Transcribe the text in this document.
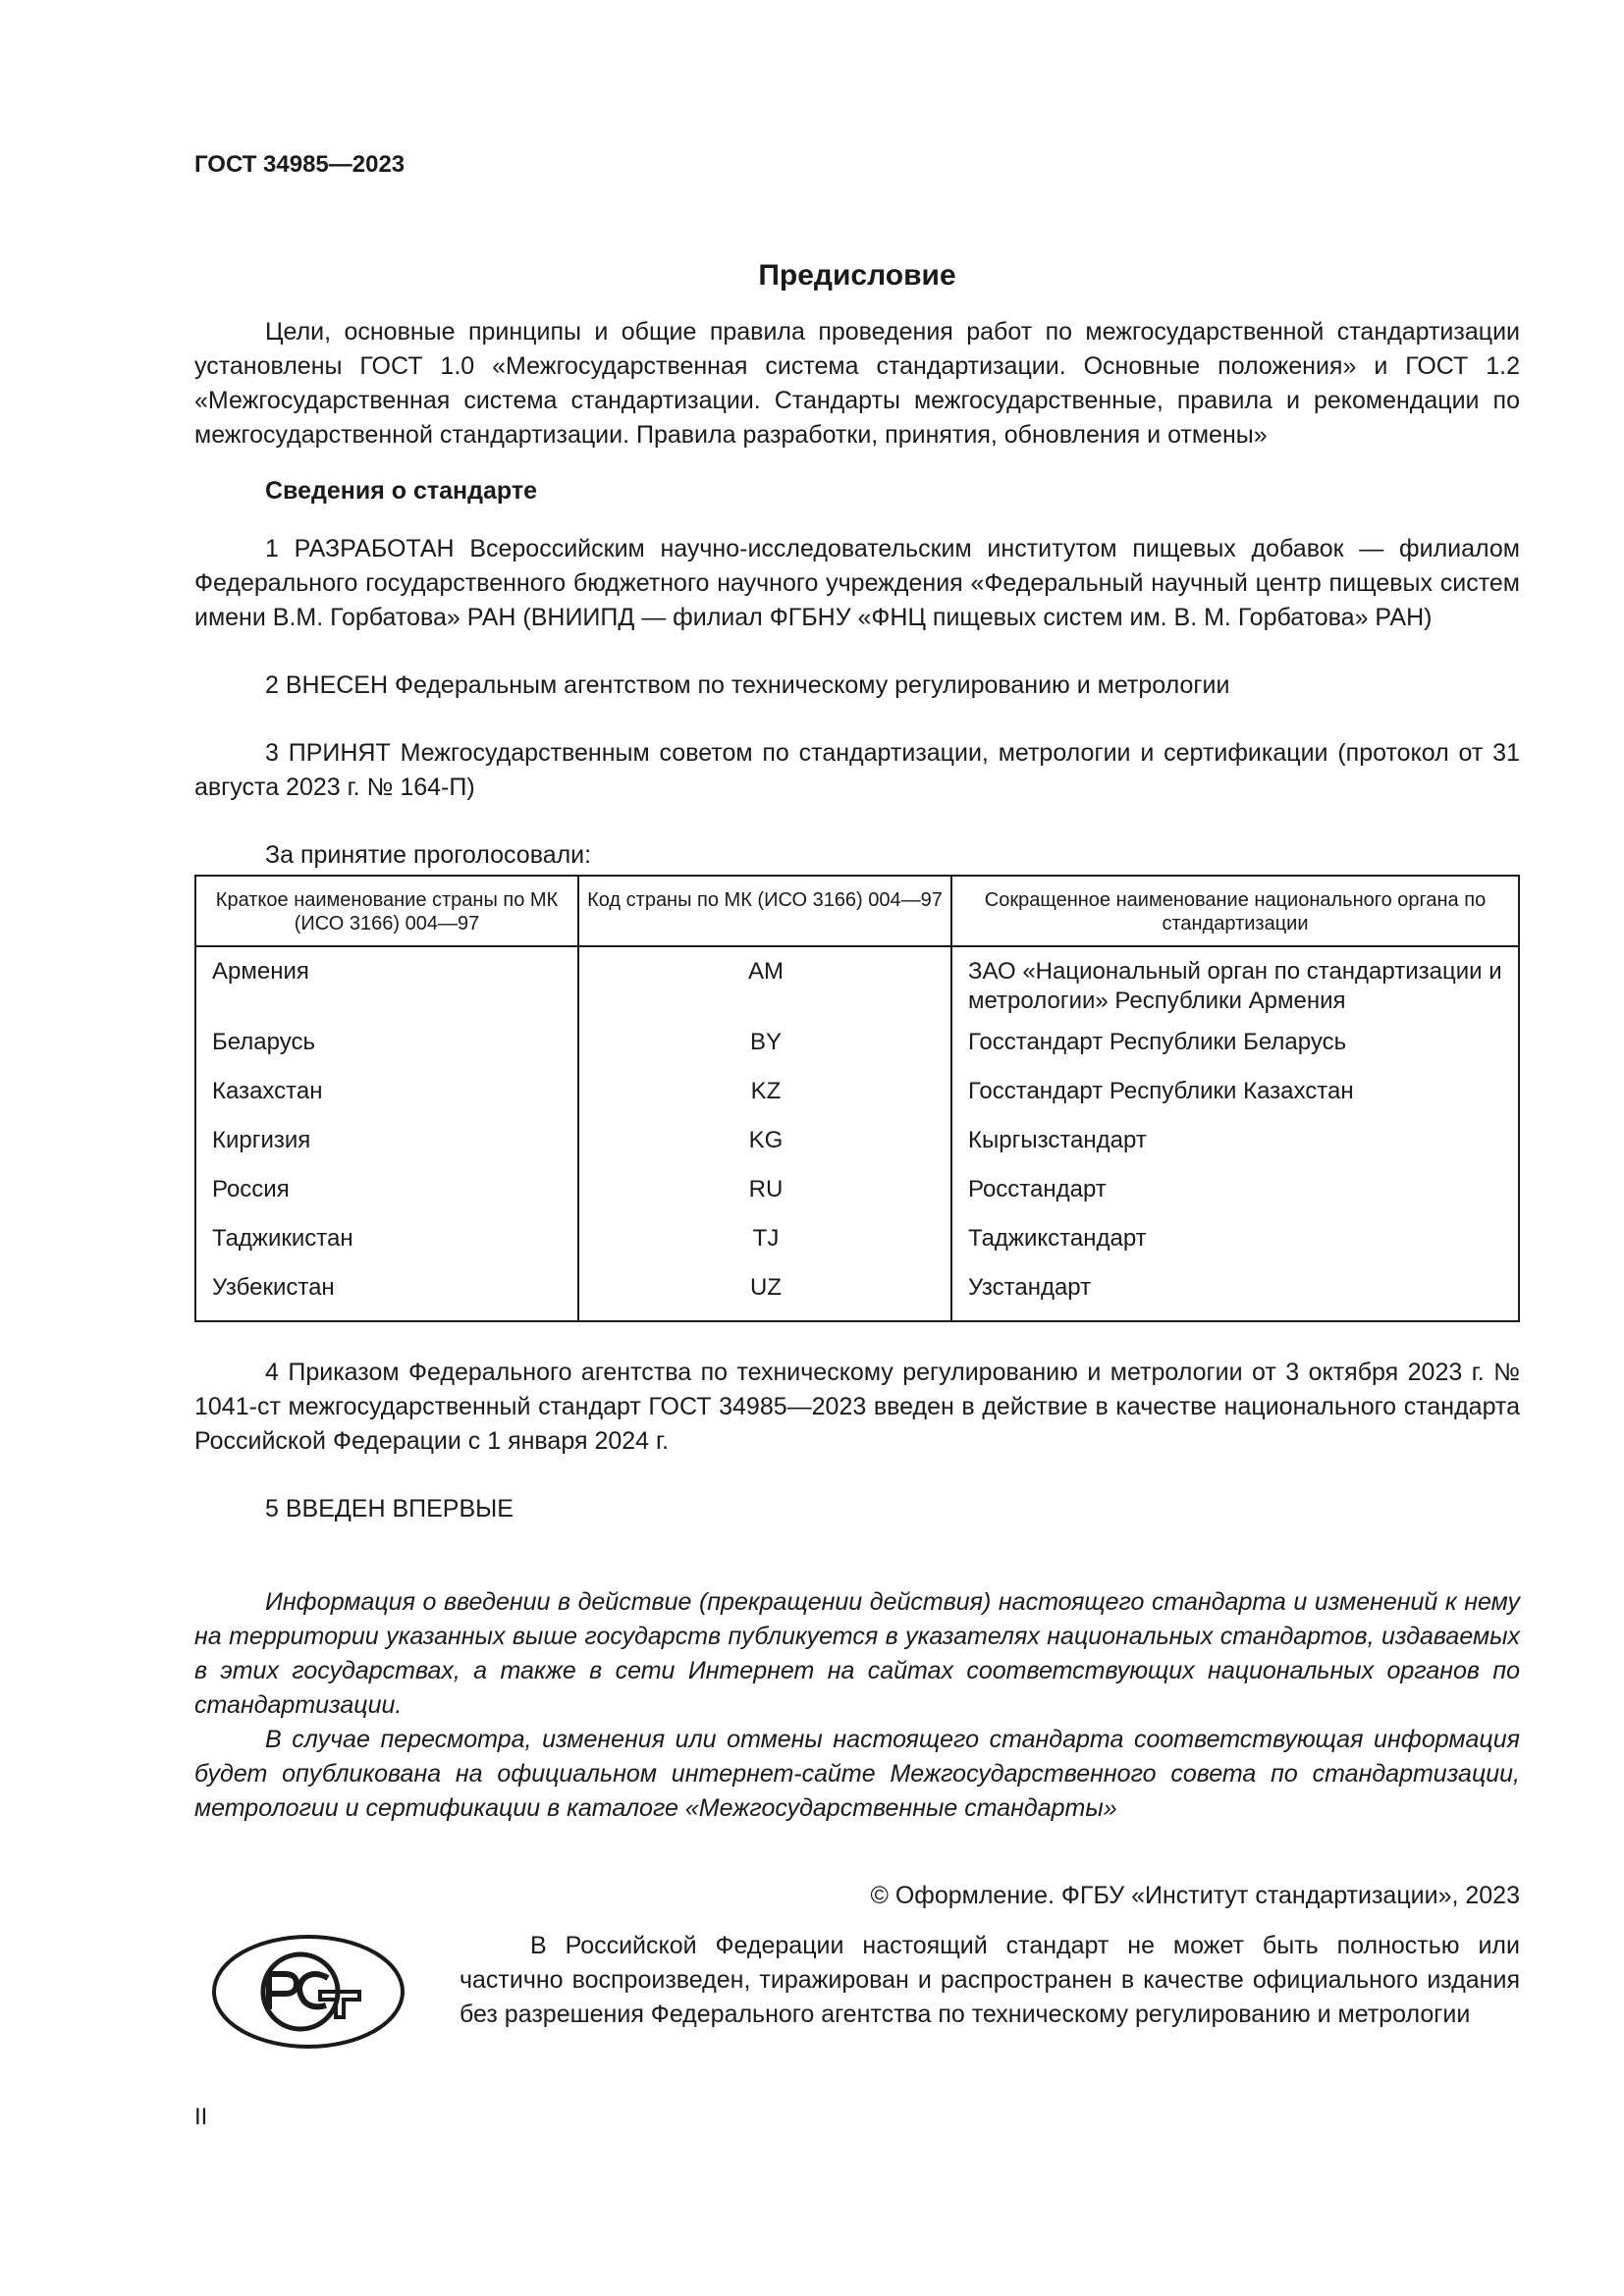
ГОСТ 34985—2023

Предисловие

Цели, основные принципы и общие правила проведения работ по межгосударственной стандартизации установлены ГОСТ 1.0 «Межгосударственная система стандартизации. Основные положения» и ГОСТ 1.2 «Межгосударственная система стандартизации. Стандарты межгосударственные, правила и рекомендации по межгосударственной стандартизации. Правила разработки, принятия, обновления и отмены»

Сведения о стандарте

1 РАЗРАБОТАН Всероссийским научно-исследовательским институтом пищевых добавок — филиалом Федерального государственного бюджетного научного учреждения «Федеральный научный центр пищевых систем имени В.М. Горбатова» РАН (ВНИИПД — филиал ФГБНУ «ФНЦ пищевых систем им. В. М. Горбатова» РАН)

2 ВНЕСЕН Федеральным агентством по техническому регулированию и метрологии

3 ПРИНЯТ Межгосударственным советом по стандартизации, метрологии и сертификации (протокол от 31 августа 2023 г. № 164-П)

За принятие проголосовали:

Краткое наименование страны по МК (ИСО 3166) 004—97	Код страны по МК (ИСО 3166) 004—97	Сокращенное наименование национального органа по стандартизации
Армения	AM	ЗАО «Национальный орган по стандартизации и метрологии» Республики Армения
Беларусь	BY	Госстандарт Республики Беларусь
Казахстан	KZ	Госстандарт Республики Казахстан
Киргизия	KG	Кыргызстандарт
Россия	RU	Росстандарт
Таджикистан	TJ	Таджикстандарт
Узбекистан	UZ	Узстандарт

4 Приказом Федерального агентства по техническому регулированию и метрологии от 3 октября 2023 г. № 1041-ст межгосударственный стандарт ГОСТ 34985—2023 введен в действие в качестве национального стандарта Российской Федерации с 1 января 2024 г.

5 ВВЕДЕН ВПЕРВЫЕ

Информация о введении в действие (прекращении действия) настоящего стандарта и изменений к нему на территории указанных выше государств публикуется в указателях национальных стандартов, издаваемых в этих государствах, а также в сети Интернет на сайтах соответствующих национальных органов по стандартизации.

В случае пересмотра, изменения или отмены настоящего стандарта соответствующая информация будет опубликована на официальном интернет-сайте Межгосударственного совета по стандартизации, метрологии и сертификации в каталоге «Межгосударственные стандарты»

© Оформление. ФГБУ «Институт стандартизации», 2023

В Российской Федерации настоящий стандарт не может быть полностью или частично воспроизведен, тиражирован и распространен в качестве официального издания без разрешения Федерального агентства по техническому регулированию и метрологии

II
